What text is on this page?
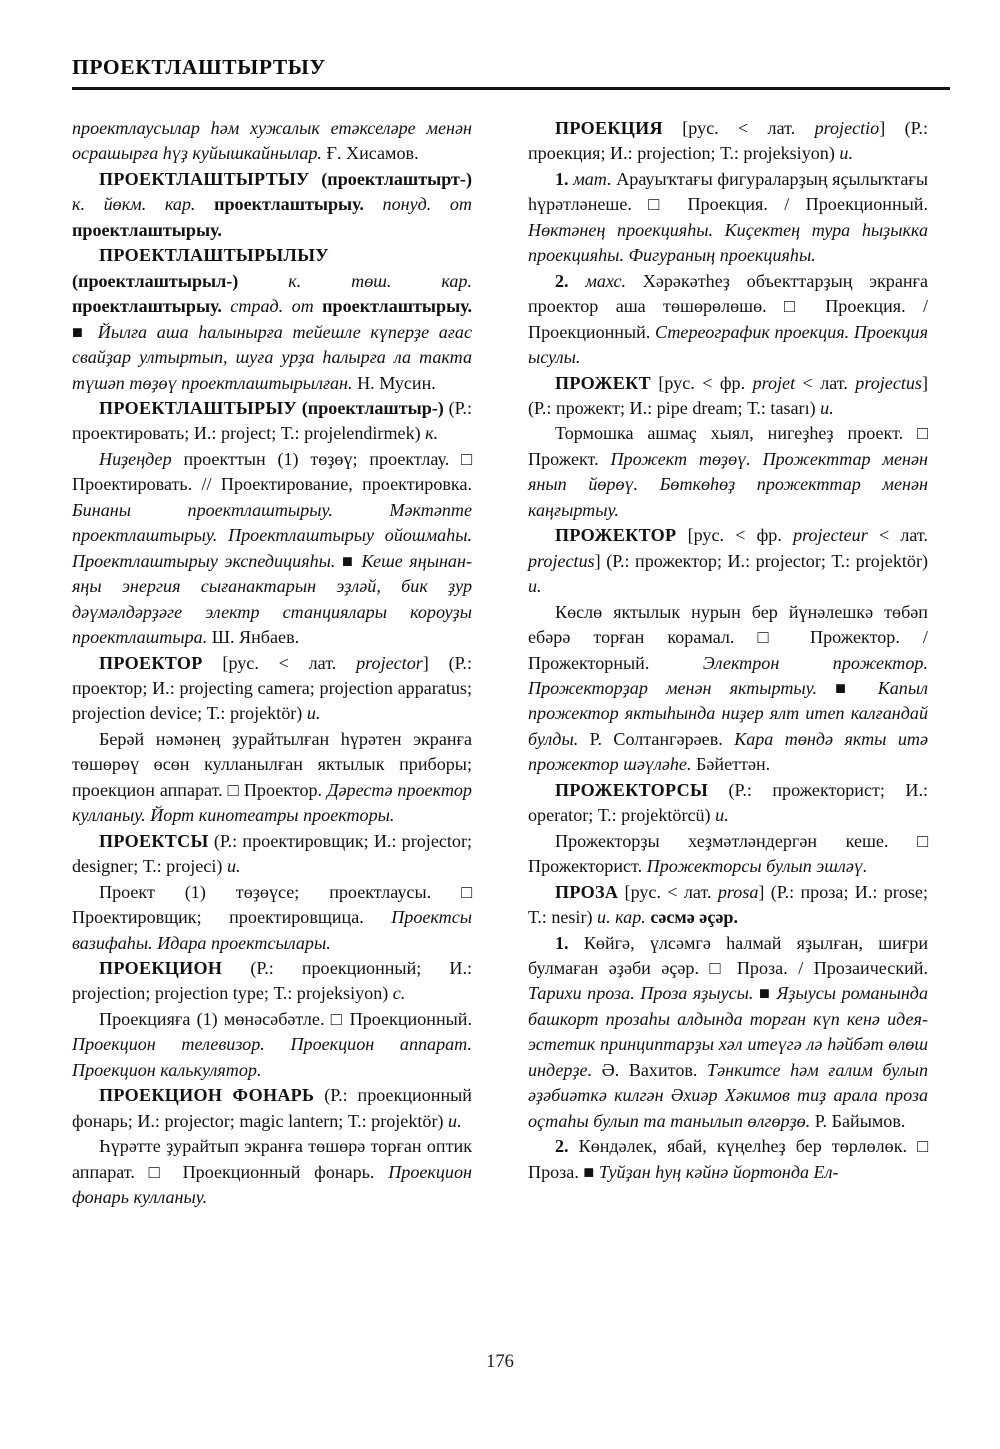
ПРОЕКТЛАШТЫРТЫУ

проектлаусылар һәм хужалык етәкселәре менән осрашырға һүҙ куйышкайнылар. Ғ. Хисамов.

ПРОЕКТЛАШТЫРТЫУ (проектлаштырт-) к. йөкм. кар. проектлаштырыу. понуд. от проектлаштырыу.

ПРОЕКТЛАШТЫРЫЛЫУ (проектлаштырыл-)	к.	төш.	кар. проектлаштырыу. страд. от проектлаштырыу. ■ Йылға аша һалынырға тейешле күперҙе ағас свайҙар ултыртып, шуға урҙа һалырға ла такта түшәп төҙөү проектлаштырылған. Н. Мусин.

ПРОЕКТЛАШТЫРЫУ (проектлаштыр-) (Р.: проектировать; И.: project; Т.: projelendirmek) к.

Ниҙеңдер проекттын (1) төҙөү; проектлау. □ Проектировать. // Проектирование, проектировка. Бинаны проектлаштырыу. Мәктәпте проектлаштырыу. Проектлаштырыу ойошмаһы. Проектлаштырыу экспедицияһы. ■ Кеше яңынан-яңы энергия сығанактарын эҙләй, бик ҙур дәүмәлдәрҙәге электр станциялары короуҙы проектлаштыра. Ш. Янбаев.

ПРОЕКТОР [рус. < лат. projector] (Р.: проектор; И.: projecting camera; projection apparatus; projection device; Т.: projektör) и.

Берәй нәмәнең ҙурайтылған һүрәтен экранға төшөрөү өсөн кулланылған яктылык приборы; проекцион аппарат. □ Проектор. Дәрестә проектор кулланыу. Йорт кинотеатры проекторы.

ПРОЕКТСЫ (Р.: проектировщик; И.: projector; designer; Т.: projeci) и.

Проект (1) төҙөүсе; проектлаусы. □ Проектировщик; проектировщица. Проектсы вазифаһы. Идара проектсылары.

ПРОЕКЦИОН (Р.: проекционный; И.: projection; projection type; Т.: projeksiyon) с.

Проекцияға (1) мөнәсәбәтле. □ Проекционный. Проекцион телевизор. Проекцион аппарат. Проекцион калькулятор.

ПРОЕКЦИОН ФОНАРЬ (Р.: проекционный фонарь; И.: projector; magic lantern; Т.: projektör) и.

Һүрәтте ҙурайтып экранға төшөрә торған оптик аппарат. □	Проекционный фонарь. Проекцион фонарь кулланыу.

ПРОЕКЦИЯ [рус. < лат. projectio] (Р.: проекция; И.: projection; Т.: projeksiyon) и.

1. мат. Арауыҡтағы фигураларҙың яçылыҡтағы һүрәтләнеше. □	Проекция. / Проекционный. Нөктәнең проекцияһы. Киçектең тура һыҙыкка проекцияһы. Фигураның проекцияһы.

2. махс. Хәрәкәтһеҙ объекттарҙың экранға проектор аша төшөрөлөшө. □	Проекция. / Проекционный. Стереографик проекция. Проекция ысулы.

ПРОЖЕКТ [рус. < фр. projet < лат. projectus] (Р.: прожект; И.: pipe dream; Т.: tasarı) и.

Тормошка ашмаç хыял, нигеҙһеҙ проект. □ Прожект. Прожект төҙөү. Прожекттар менән янып йөрөү. Бөткөһөҙ прожекттар менән каңғыртыу.

ПРОЖЕКТОР [рус. < фр. projecteur < лат. projectus] (Р.: прожектор; И.: projector; Т.: projektör) и.

Көслө яктылык нурын бер йүнәлешкә төбәп ебәрә торған корамал. □	Прожектор. / Прожекторный.	Электрон прожектор. Прожекторҙар менән яктыртыу. ■	Капыл прожектор яктыһында ниҙер ялт итеп калғандай булды. Р. Солтангәрәев. Кара төндә якты итә прожектор шәүләһе. Бәйеттән.

ПРОЖЕКТОРСЫ (Р.: прожекторист; И.: operator; Т.: projektörcü) и.

Прожекторҙы хеҙмәтләндергән кеше. □ Прожекторист. Прожекторсы булып эшләү.

ПРОЗА [рус. < лат. prosa] (Р.: проза; И.: prose; Т.: nesir) и. кар. сәсмә әçәр.

1. Көйгә, үлсәмгә һалмай яҙылған, шиғри булмаған әҙәби әçәр. □ Проза. / Прозаический. Тарихи проза. Проза яҙыусы. ■ Яҙыусы романында башкорт прозаһы алдында торған күп кенә идея-эстетик принциптарҙы хәл итеүгә лә һәйбәт өлөш индерҙе. Ә. Вахитов. Тәнкитсе һәм ғалим булып әҙәбиәткә килгән Әхиәр Хәкимов тиҙ арала проза оçтаһы булып та танылып өлгөрҙө. Р. Байымов.

2. Көндәлек, ябай, күңелһеҙ бер төрлөлөк. □ Проза. ■ Туйҙан һуң кәйнә йортонда Ел-

176
